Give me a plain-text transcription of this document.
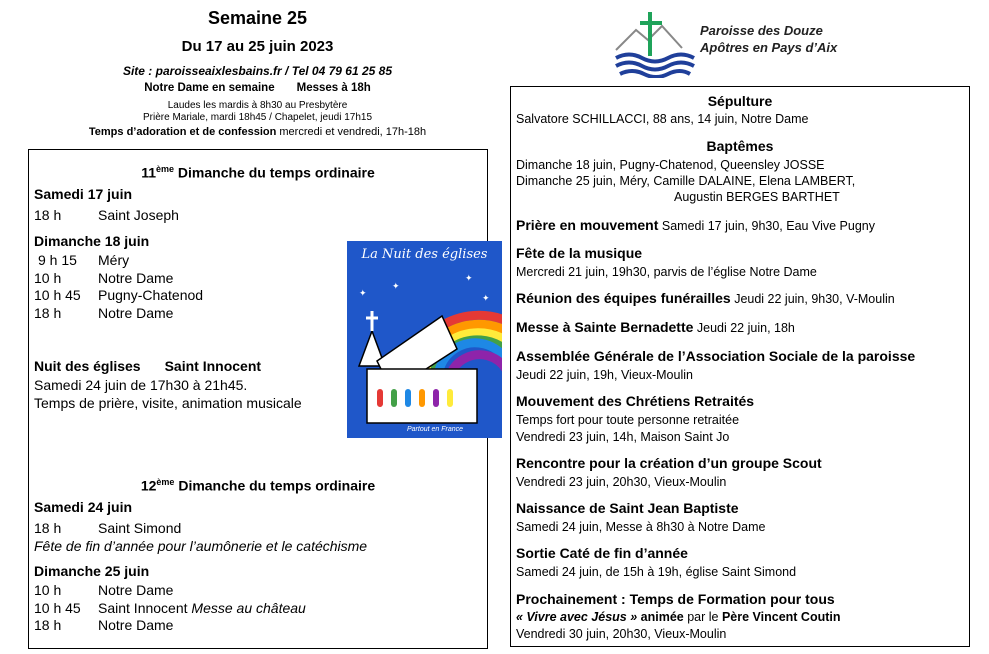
Semaine 25
Du 17 au 25 juin 2023
Site : paroisseaixlesbains.fr / Tel 04 79 61 25 85
Notre Dame en semaine Messes à 18h
Laudes les mardis à 8h30 au Presbytère
Prière Mariale, mardi 18h45 / Chapelet, jeudi 17h15
Temps d’adoration et de confession mercredi et vendredi, 17h-18h
Paroisse des Douze
Apôtres en Pays d’Aix
11ème Dimanche du temps ordinaire
Samedi 17 juin
18 h	Saint Joseph
Dimanche 18 juin
9 h 15 Méry
10 h	Notre Dame
10 h 45 Pugny-Chatenod
18 h	Notre Dame
Nuit des églises Saint Innocent
Samedi 24 juin de 17h30 à 21h45.
Temps de prière, visite, animation musicale
12ème Dimanche du temps ordinaire
Samedi 24 juin
18 h	Saint Simond
Fête de fin d’année pour l’aumônerie et le catéchisme
Dimanche 25 juin
10 h	Notre Dame
10 h 45 Saint Innocent Messe au château
18 h	Notre Dame
✦
✦
✦
✦
La Nuit des églises
Partout en France
Sépulture
Salvatore SCHILLACCI, 88 ans, 14 juin, Notre Dame
Baptêmes
Dimanche 18 juin, Pugny-Chatenod, Queensley JOSSE
Dimanche 25 juin, Méry, Camille DALAINE, Elena LAMBERT,
Augustin BERGES BARTHET
Prière en mouvement Samedi 17 juin, 9h30, Eau Vive Pugny
Fête de la musique
Mercredi 21 juin, 19h30, parvis de l’église Notre Dame
Réunion des équipes funérailles Jeudi 22 juin, 9h30, V-Moulin
Messe à Sainte Bernadette Jeudi 22 juin, 18h
Assemblée Générale de l’Association Sociale de la paroisse
Jeudi 22 juin, 19h, Vieux-Moulin
Mouvement des Chrétiens Retraités
Temps fort pour toute personne retraitée
Vendredi 23 juin, 14h, Maison Saint Jo
Rencontre pour la création d’un groupe Scout
Vendredi 23 juin, 20h30, Vieux-Moulin
Naissance de Saint Jean Baptiste
Samedi 24 juin, Messe à 8h30 à Notre Dame
Sortie Caté de fin d’année
Samedi 24 juin, de 15h à 19h, église Saint Simond
Prochainement : Temps de Formation pour tous
« Vivre avec Jésus » animée par le Père Vincent Coutin
Vendredi 30 juin, 20h30, Vieux-Moulin
